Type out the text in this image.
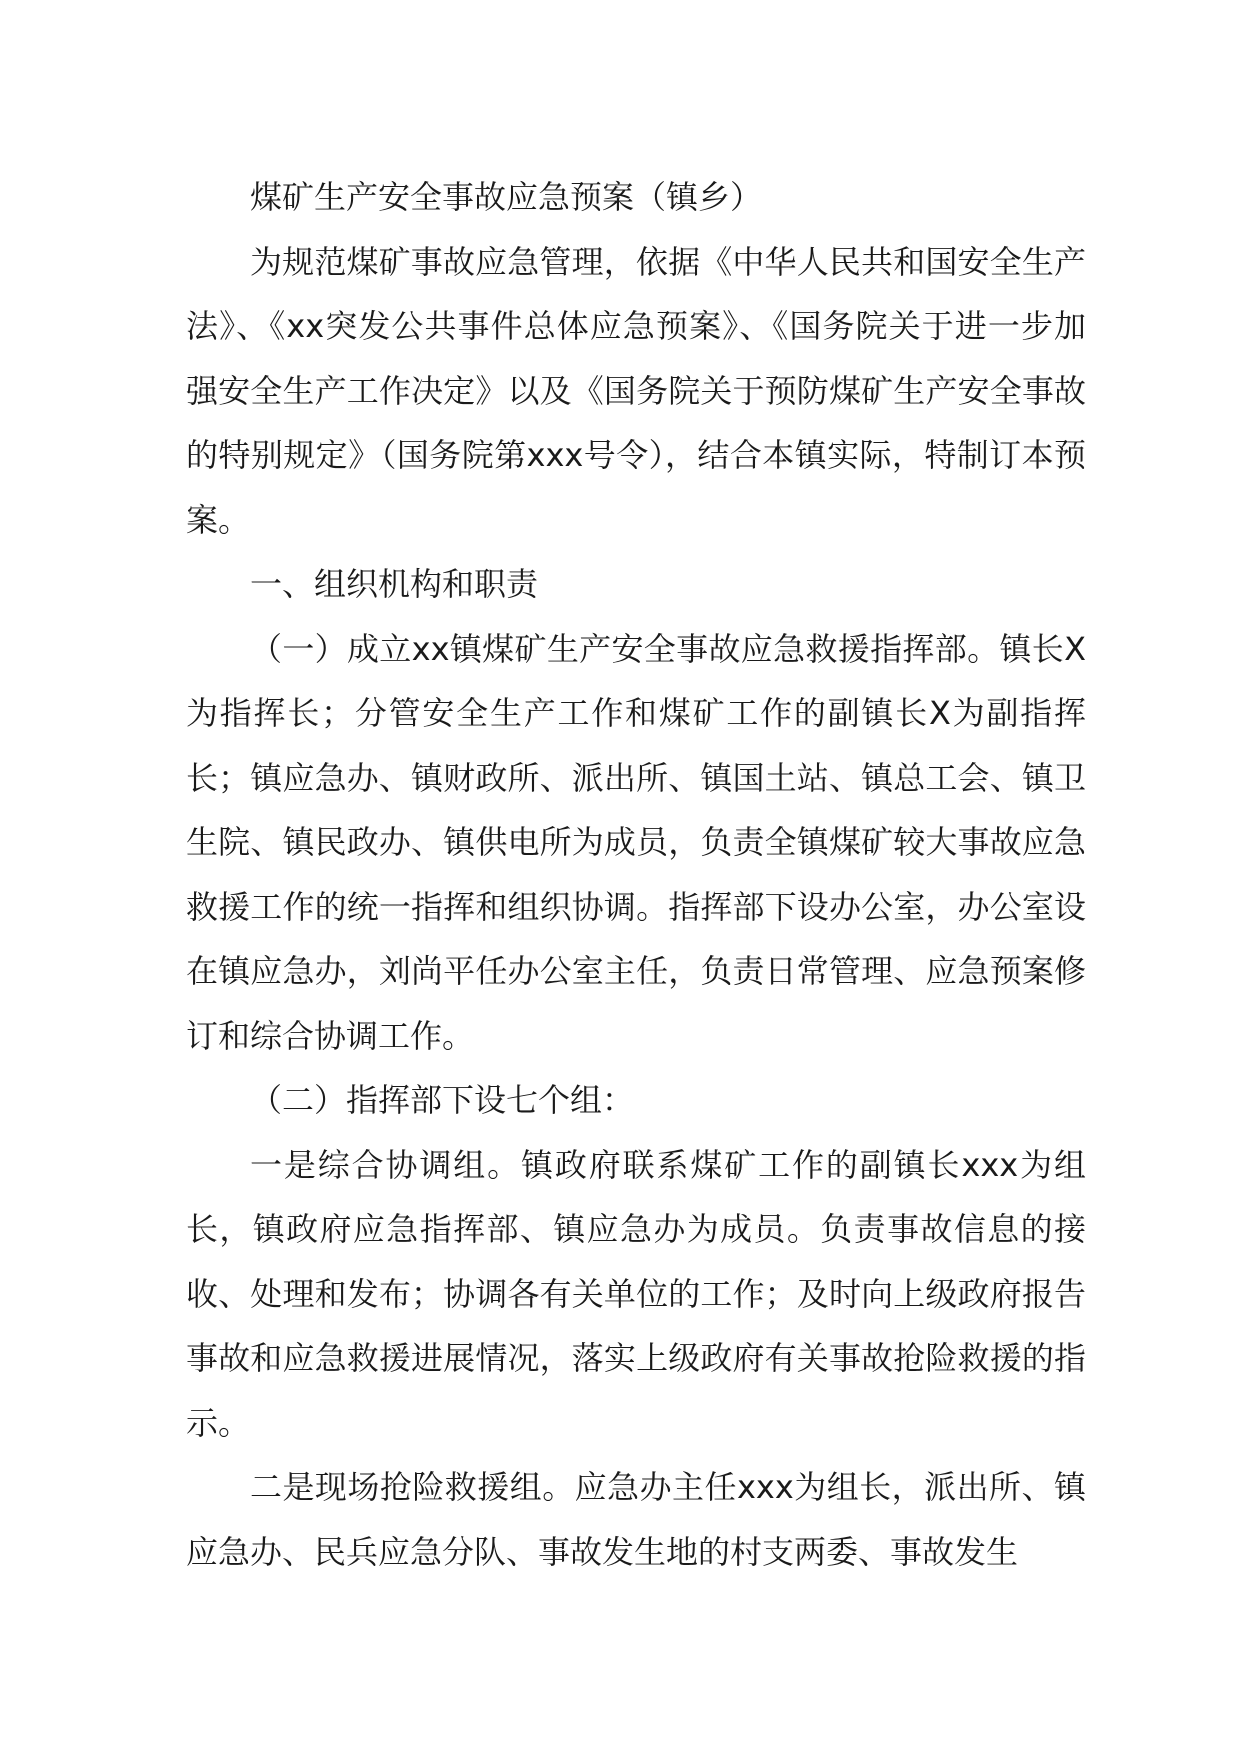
煤矿生产安全事故应急预案（镇乡）

为规范煤矿事故应急管理，依据《中华人民共和国安全生产法》、《xx突发公共事件总体应急预案》、《国务院关于进一步加强安全生产工作决定》以及《国务院关于预防煤矿生产安全事故的特别规定》（国务院第xxx号令），结合本镇实际，特制订本预案。

一、组织机构和职责

（一）成立xx镇煤矿生产安全事故应急救援指挥部。镇长X为指挥长；分管安全生产工作和煤矿工作的副镇长X为副指挥长；镇应急办、镇财政所、派出所、镇国土站、镇总工会、镇卫生院、镇民政办、镇供电所为成员，负责全镇煤矿较大事故应急救援工作的统一指挥和组织协调。指挥部下设办公室，办公室设在镇应急办，刘尚平任办公室主任，负责日常管理、应急预案修订和综合协调工作。

（二）指挥部下设七个组：

一是综合协调组。镇政府联系煤矿工作的副镇长xxx为组长，镇政府应急指挥部、镇应急办为成员。负责事故信息的接收、处理和发布；协调各有关单位的工作；及时向上级政府报告事故和应急救援进展情况，落实上级政府有关事故抢险救援的指示。

二是现场抢险救援组。应急办主任xxx为组长，派出所、镇应急办、民兵应急分队、事故发生地的村支两委、事故发生
